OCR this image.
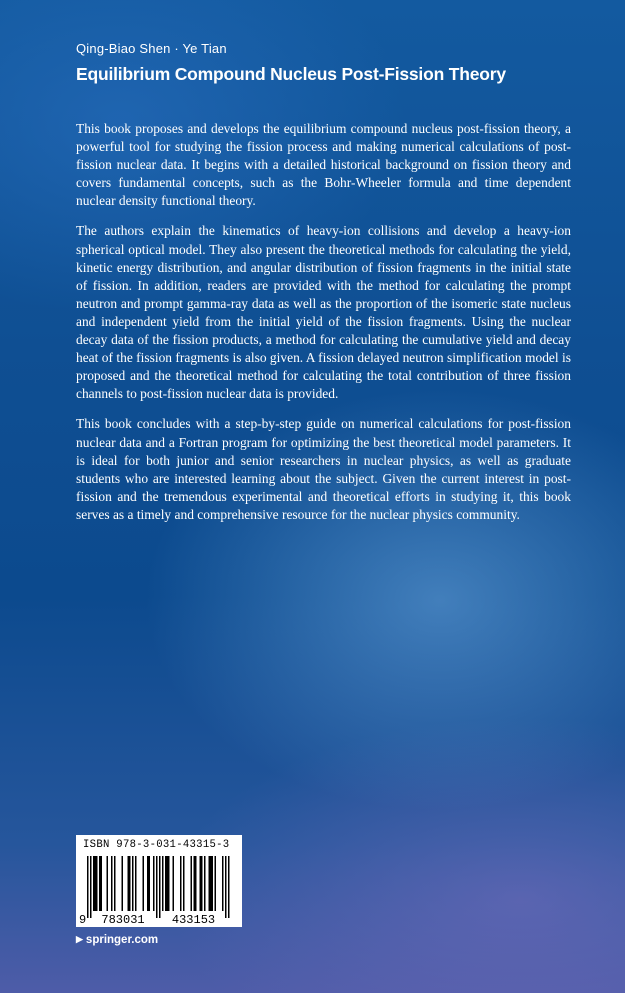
Qing-Biao Shen · Ye Tian
Equilibrium Compound Nucleus Post-Fission Theory

This book proposes and develops the equilibrium compound nucleus post-fission theory, a powerful tool for studying the fission process and making numerical calculations of post-fission nuclear data. It begins with a detailed historical background on fission theory and covers fundamental concepts, such as the Bohr-Wheeler formula and time dependent nuclear density functional theory.

The authors explain the kinematics of heavy-ion collisions and develop a heavy-ion spherical optical model. They also present the theoretical methods for calculating the yield, kinetic energy distribution, and angular distribution of fission fragments in the initial state of fission. In addition, readers are provided with the method for calculating the prompt neutron and prompt gamma-ray data as well as the proportion of the isomeric state nucleus and independent yield from the initial yield of the fission fragments. Using the nuclear decay data of the fission products, a method for calculating the cumulative yield and decay heat of the fission fragments is also given. A fission delayed neutron simplification model is proposed and the theoretical method for calculating the total contribution of three fission channels to post-fission nuclear data is provided.

This book concludes with a step-by-step guide on numerical calculations for post-fission nuclear data and a Fortran program for optimizing the best theoretical model parameters. It is ideal for both junior and senior researchers in nuclear physics, as well as graduate students who are interested learning about the subject. Given the current interest in post-fission and the tremendous experimental and theoretical efforts in studying it, this book serves as a timely and comprehensive resource for the nuclear physics community.

ISBN 978-3-031-43315-3
9 783031 433153
▶ springer.com
